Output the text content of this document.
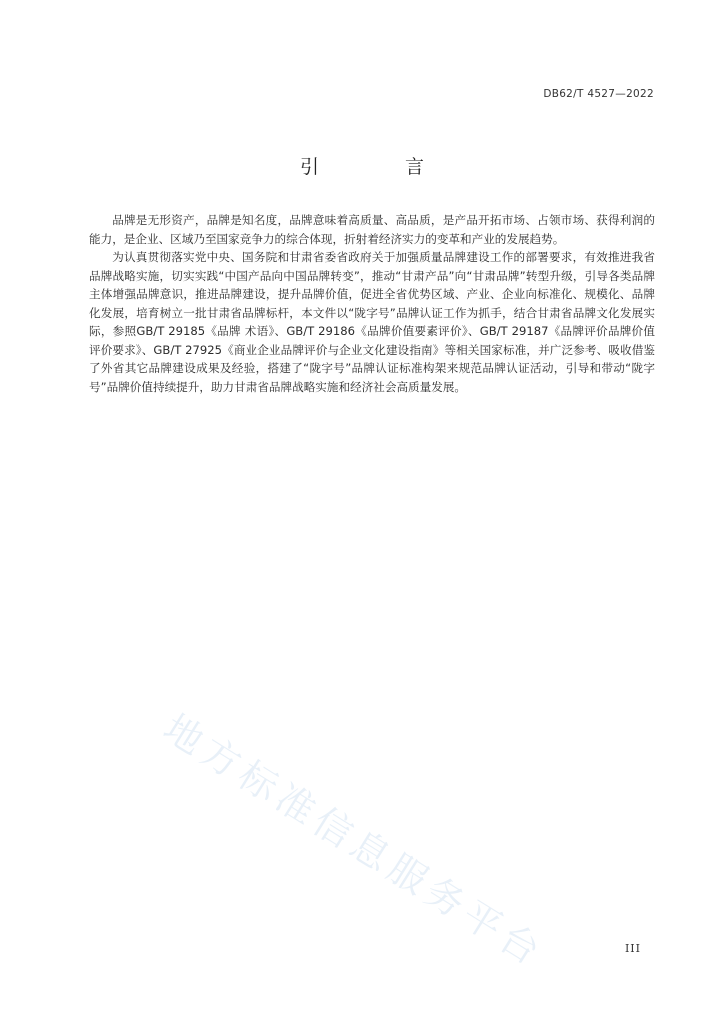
DB62/T 4527—2022
引 言

品牌是无形资产，品牌是知名度，品牌意味着高质量、高品质，是产品开拓市场、占领市场、获得利润的能力，是企业、区域乃至国家竞争力的综合体现，折射着经济实力的变革和产业的发展趋势。

为认真贯彻落实党中央、国务院和甘肃省委省政府关于加强质量品牌建设工作的部署要求，有效推进我省品牌战略实施，切实实践“中国产品向中国品牌转变”，推动“甘肃产品”向“甘肃品牌”转型升级，引导各类品牌主体增强品牌意识，推进品牌建设，提升品牌价值，促进全省优势区域、产业、企业向标准化、规模化、品牌化发展，培育树立一批甘肃省品牌标杆，本文件以“陇字号”品牌认证工作为抓手，结合甘肃省品牌文化发展实际，参照GB/T 29185《品牌 术语》、GB/T 29186《品牌价值要素评价》、GB/T 29187《品牌评价品牌价值评价要求》、GB/T 27925《商业企业品牌评价与企业文化建设指南》等相关国家标准，并广泛参考、吸收借鉴了外省其它品牌建设成果及经验，搭建了“陇字号”品牌认证标准构架来规范品牌认证活动，引导和带动“陇字号”品牌价值持续提升，助力甘肃省品牌战略实施和经济社会高质量发展。

地方标准信息服务平台	III
